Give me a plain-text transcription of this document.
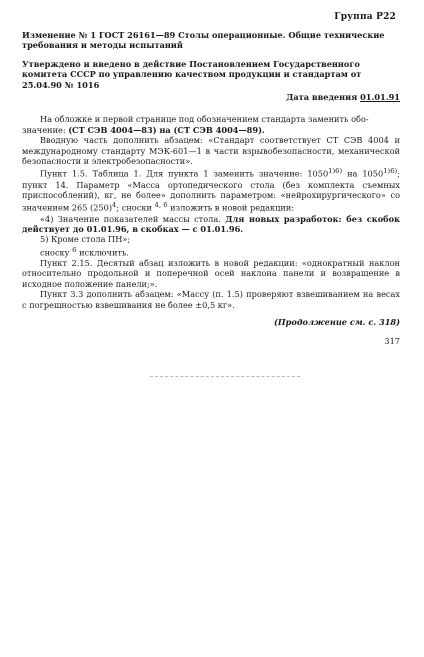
Группа Р22

Изменение № 1 ГОСТ 26161—89 Столы операционные. Общие технические требования и методы испытаний

Утверждено и введено в действие Постановлением Государственного комитета СССР по управлению качеством продукции и стандартам от 25.04.90 № 1016

Дата введения 01.01.91

На обложке и первой странице под обозначением стандарта заменить обо-
значение: (СТ СЭВ 4004—83) на (СТ СЭВ 4004—89).

Вводную часть дополнить абзацем: «Стандарт соответствует СТ СЭВ 4004 и международному стандарту МЭК-601—1 в части взрывобезопасности, механической безопасности и электробезопасности».

Пункт 1.5. Таблица 1. Для пункта 1 заменить значение: $1050^{1)6)}$ на $1050^{1)6)}$; пункт 14. Параметр «Масса ортопедического стола (без комплекта съемных приспособлений), кг, не более» дополнить параметром: «нейрохирургического» со значением 265 $(250)^4$; сноски $^{4, 6}$ изложить в новой редакции:

«4) Значение показателей массы стола. Для новых разработок: без скобок действует до 01.01.96, в скобках — с 01.01.96.

5) Кроме стола ПН»;

сноску $^6$ исключить.

Пункт 2.15. Десятый абзац изложить в новой редакции: «однократный наклон относительно продольной и поперечной осей наклона панели и возвращение в исходное положение панели;».

Пункт 3.3 дополнить абзацем: «Массу (п. 1.5) проверяют взвешиванием на весах с погрешностью взвешивания не более ±0,5 кг».

(Продолжение см. с. 318)

317
